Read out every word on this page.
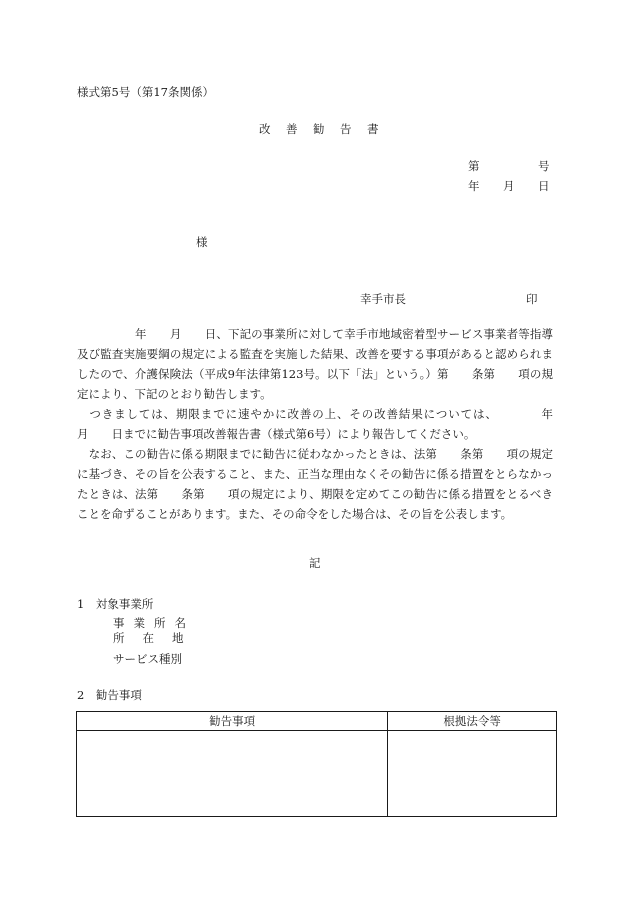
様式第5号（第17条関係）
改　善　勧　告　書
第	号
年 月 日
様
幸手市長	印
　　　　　年　　月　　日、下記の事業所に対して幸手市地域密着型サービス事業者等指導及び監査実施要綱の規定による監査を実施した結果、改善を要する事項があると認められましたので、介護保険法（平成9年法律第123号。以下「法」という。）第　　条第　　項の規定により、下記のとおり勧告します。
　つきましては、期限までに速やかに改善の上、その改善結果については、　　　　年　　月　　日までに勧告事項改善報告書（様式第6号）により報告してください。
　なお、この勧告に係る期限までに勧告に従わなかったときは、法第　　条第　　項の規定に基づき、その旨を公表すること、また、正当な理由なくその勧告に係る措置をとらなかったときは、法第　　条第　　項の規定により、期限を定めてこの勧告に係る措置をとるべきことを命ずることがあります。また、その命令をした場合は、その旨を公表します。
記
1　対象事業所
事業所名
所在地
サービス種別
2　勧告事項
勧告事項	根拠法令等
